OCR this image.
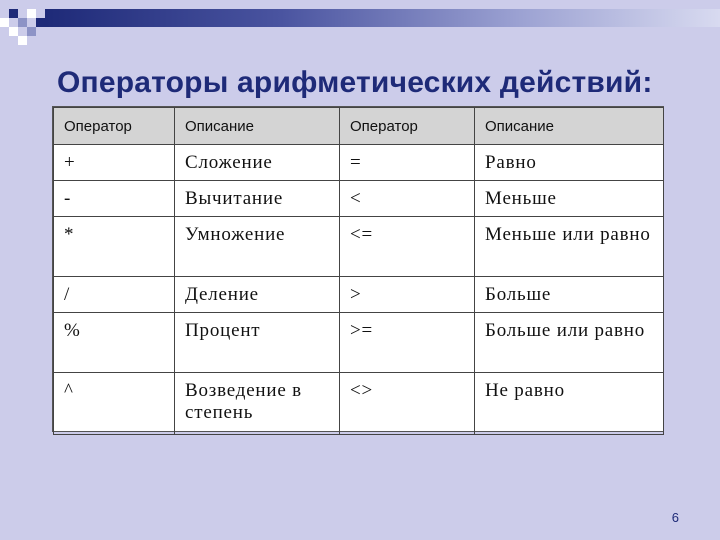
Операторы арифметических действий:
Оператор	Описание	Оператор	Описание
+	Сложение	=	Равно
-	Вычитание	<	Меньше
*	Умножение	<=	Меньше или равно
/	Деление	>	Больше
%	Процент	>=	Больше или равно
^	Возведение в степень	<>	Не равно
6
